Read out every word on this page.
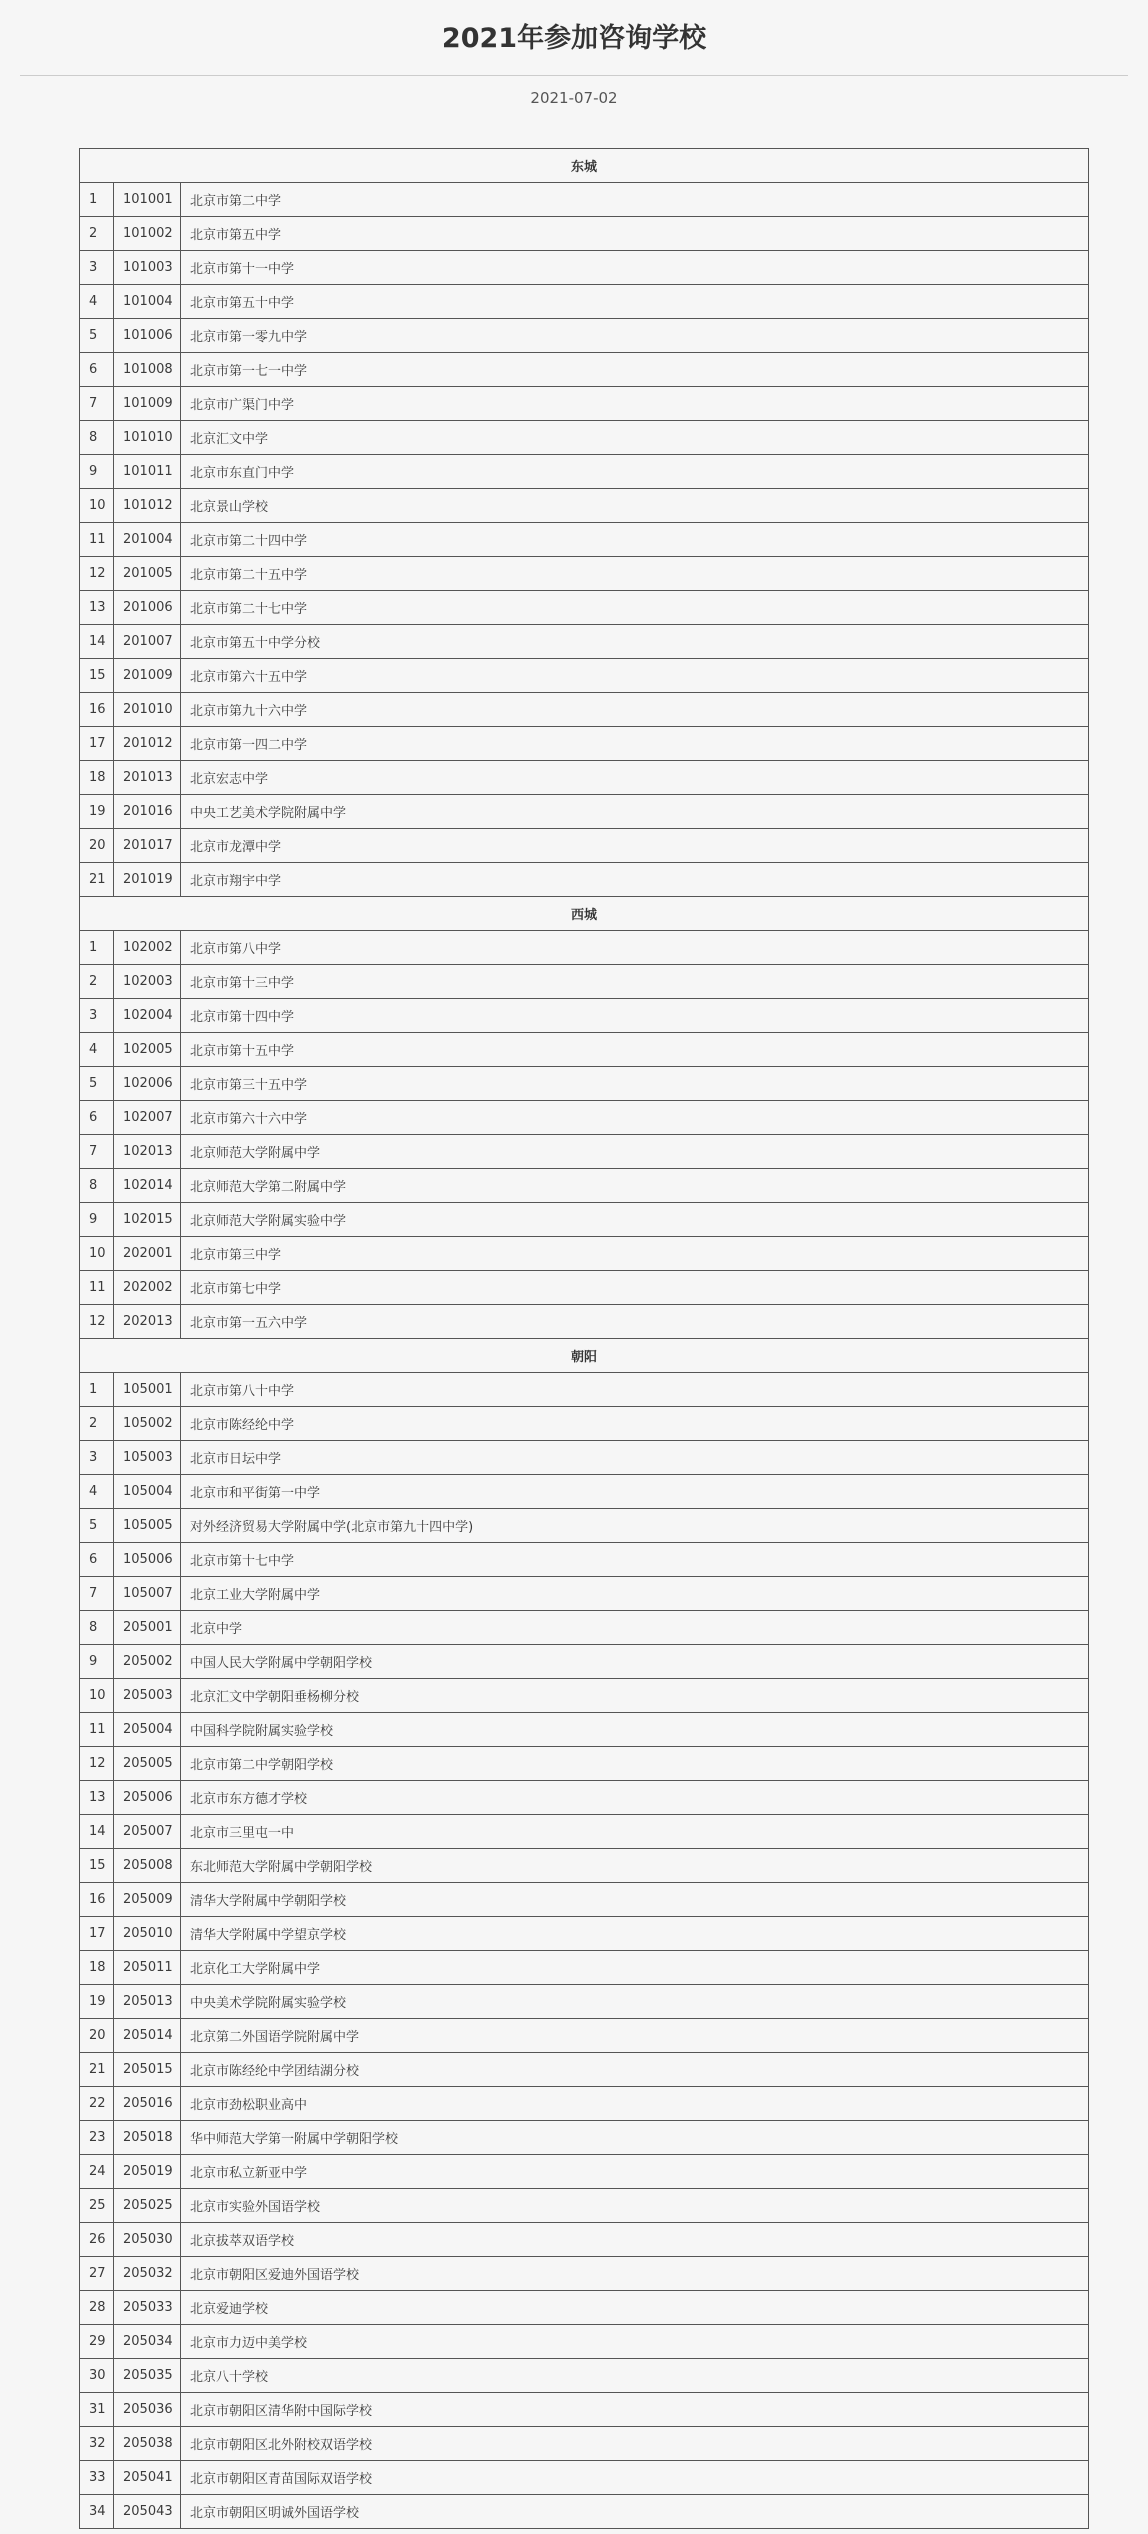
2021年参加咨询学校
2021-07-02
东城		
1	101001	北京市第二中学
2	101002	北京市第五中学
3	101003	北京市第十一中学
4	101004	北京市第五十中学
5	101006	北京市第一零九中学
6	101008	北京市第一七一中学
7	101009	北京市广渠门中学
8	101010	北京汇文中学
9	101011	北京市东直门中学
10	101012	北京景山学校
11	201004	北京市第二十四中学
12	201005	北京市第二十五中学
13	201006	北京市第二十七中学
14	201007	北京市第五十中学分校
15	201009	北京市第六十五中学
16	201010	北京市第九十六中学
17	201012	北京市第一四二中学
18	201013	北京宏志中学
19	201016	中央工艺美术学院附属中学
20	201017	北京市龙潭中学
21	201019	北京市翔宇中学
西城		
1	102002	北京市第八中学
2	102003	北京市第十三中学
3	102004	北京市第十四中学
4	102005	北京市第十五中学
5	102006	北京市第三十五中学
6	102007	北京市第六十六中学
7	102013	北京师范大学附属中学
8	102014	北京师范大学第二附属中学
9	102015	北京师范大学附属实验中学
10	202001	北京市第三中学
11	202002	北京市第七中学
12	202013	北京市第一五六中学
朝阳		
1	105001	北京市第八十中学
2	105002	北京市陈经纶中学
3	105003	北京市日坛中学
4	105004	北京市和平街第一中学
5	105005	对外经济贸易大学附属中学(北京市第九十四中学)
6	105006	北京市第十七中学
7	105007	北京工业大学附属中学
8	205001	北京中学
9	205002	中国人民大学附属中学朝阳学校
10	205003	北京汇文中学朝阳垂杨柳分校
11	205004	中国科学院附属实验学校
12	205005	北京市第二中学朝阳学校
13	205006	北京市东方德才学校
14	205007	北京市三里屯一中
15	205008	东北师范大学附属中学朝阳学校
16	205009	清华大学附属中学朝阳学校
17	205010	清华大学附属中学望京学校
18	205011	北京化工大学附属中学
19	205013	中央美术学院附属实验学校
20	205014	北京第二外国语学院附属中学
21	205015	北京市陈经纶中学团结湖分校
22	205016	北京市劲松职业高中
23	205018	华中师范大学第一附属中学朝阳学校
24	205019	北京市私立新亚中学
25	205025	北京市实验外国语学校
26	205030	北京拔萃双语学校
27	205032	北京市朝阳区爱迪外国语学校
28	205033	北京爱迪学校
29	205034	北京市力迈中美学校
30	205035	北京八十学校
31	205036	北京市朝阳区清华附中国际学校
32	205038	北京市朝阳区北外附校双语学校
33	205041	北京市朝阳区青苗国际双语学校
34	205043	北京市朝阳区明诚外国语学校
